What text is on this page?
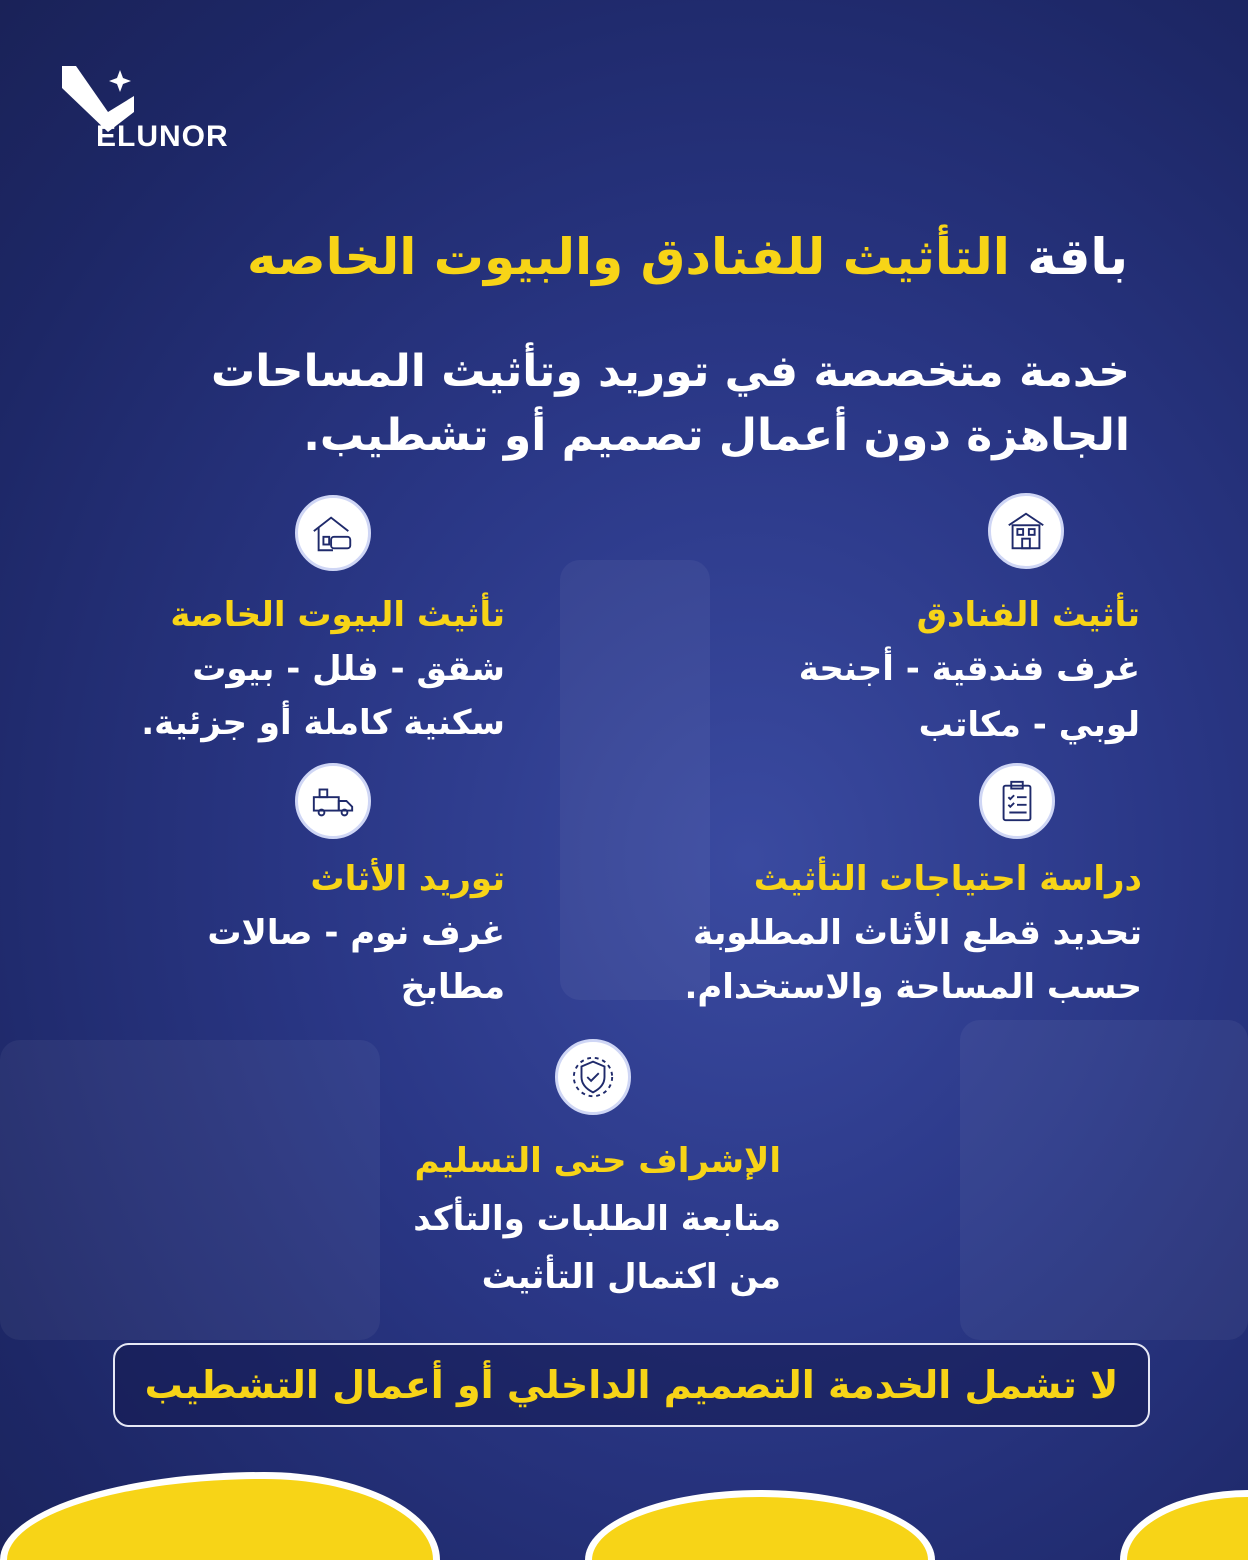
ELUNOR
باقة التأثيث للفنادق والبيوت الخاصه
خدمة متخصصة في توريد وتأثيث المساحات الجاهزة دون أعمال تصميم أو تشطيب.
تأثيث الفنادق
غرف فندقية - أجنحة
لوبي - مكاتب
تأثيث البيوت الخاصة
شقق - فلل - بيوت
سكنية كاملة أو جزئية.
دراسة احتياجات التأثيث
تحديد قطع الأثاث المطلوبة
حسب المساحة والاستخدام.
توريد الأثاث
غرف نوم - صالات
مطابخ
الإشراف حتى التسليم
متابعة الطلبات والتأكد
من اكتمال التأثيث
لا تشمل الخدمة التصميم الداخلي أو أعمال التشطيب
